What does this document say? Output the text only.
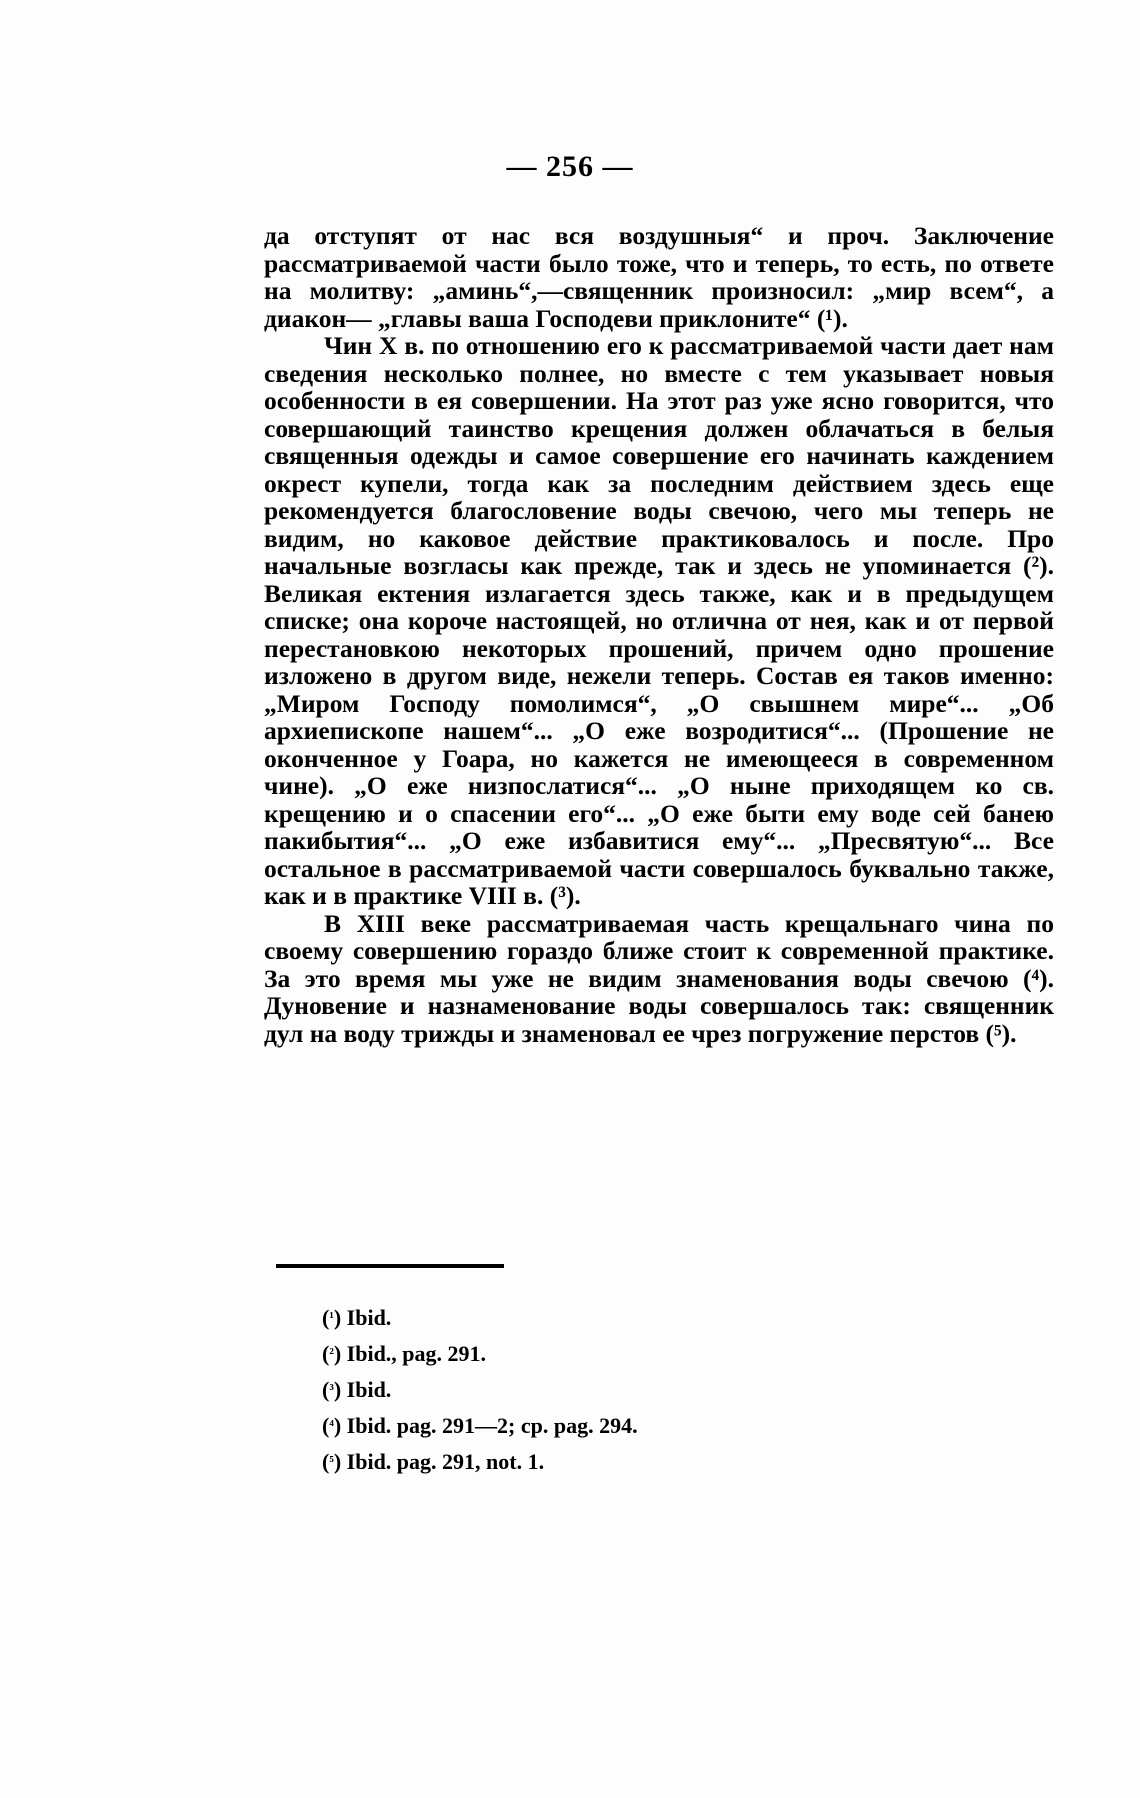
— 256 —

да отступят от нас вся воздушныя“ и проч. Заключение рассматриваемой части было тоже, что и теперь, то есть, по ответе на молитву: „аминь“,—священник произносил: „мир всем“, а диакон— „главы ваша Господеви приклоните“ (¹).

Чин X в. по отношению его к рассматриваемой части дает нам сведения несколько полнее, но вместе с тем указывает новыя особенности в ея совершении. На этот раз уже ясно говорится, что совершающий таинство крещения должен облачаться в белыя священныя одежды и самое совершение его начинать каждением окрест купели, тогда как за последним действием здесь еще рекомендуется благословение воды свечою, чего мы теперь не видим, но каковое действие практиковалось и после. Про начальные возгласы как прежде, так и здесь не упоминается (²). Великая ектения излагается здесь также, как и в предыдущем списке; она короче настоящей, но отлична от нея, как и от первой перестановкою некоторых прошений, причем одно прошение изложено в другом виде, нежели теперь. Состав ея таков именно: „Миром Господу помолимся“, „О свышнем мире“... „Об архиепископе нашем“... „О еже возродитися“... (Прошение не оконченное у Гоара, но кажется не имеющееся в современном чине). „О еже низпослатися“... „О ныне приходящем ко св. крещению и о спасении его“... „О еже быти ему воде сей банею пакибытия“... „О еже избавитися ему“... „Пресвятую“... Все остальное в рассматриваемой части совершалось буквально также, как и в практике VIII в. (³).

В XIII веке рассматриваемая часть крещальнаго чина по своему совершению гораздо ближе стоит к современной практике. За это время мы уже не видим знаменования воды свечою (⁴). Дуновение и назнаменование воды совершалось так: священник дул на воду трижды и знаменовал ее чрез погружение перстов (⁵).

($^{^1}$) Ibid.
($^{^2}$) Ibid., pag. 291.
($^{^3}$) Ibid.
($^{^4}$) Ibid. pag. 291—2; cp. pag. 294.
($^{^5}$) Ibid. pag. 291, not. 1.
